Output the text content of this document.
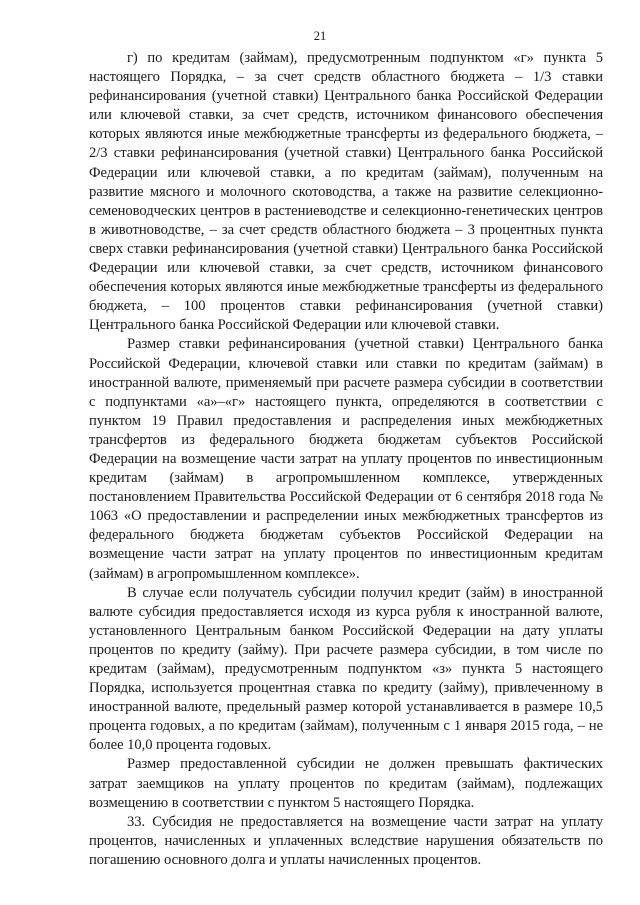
21

г) по кредитам (займам), предусмотренным подпунктом «г» пункта 5 настоящего Порядка, – за счет средств областного бюджета – 1/3 ставки рефинансирования (учетной ставки) Центрального банка Российской Федерации или ключевой ставки, за счет средств, источником финансового обеспечения которых являются иные межбюджетные трансферты из федерального бюджета, – 2/3 ставки рефинансирования (учетной ставки) Центрального банка Российской Федерации или ключевой ставки, а по кредитам (займам), полученным на развитие мясного и молочного скотоводства, а также на развитие селекционно-семеноводческих центров в растениеводстве и селекционно-генетических центров в животноводстве, – за счет средств областного бюджета – 3 процентных пункта сверх ставки рефинансирования (учетной ставки) Центрального банка Российской Федерации или ключевой ставки, за счет средств, источником финансового обеспечения которых являются иные межбюджетные трансферты из федерального бюджета, – 100 процентов ставки рефинансирования (учетной ставки) Центрального банка Российской Федерации или ключевой ставки.

Размер ставки рефинансирования (учетной ставки) Центрального банка Российской Федерации, ключевой ставки или ставки по кредитам (займам) в иностранной валюте, применяемый при расчете размера субсидии в соответствии с подпунктами «а»–«г» настоящего пункта, определяются в соответствии с пунктом 19 Правил предоставления и распределения иных межбюджетных трансфертов из федерального бюджета бюджетам субъектов Российской Федерации на возмещение части затрат на уплату процентов по инвестиционным кредитам (займам) в агропромышленном комплексе, утвержденных постановлением Правительства Российской Федерации от 6 сентября 2018 года № 1063 «О предоставлении и распределении иных межбюджетных трансфертов из федерального бюджета бюджетам субъектов Российской Федерации на возмещение части затрат на уплату процентов по инвестиционным кредитам (займам) в агропромышленном комплексе».

В случае если получатель субсидии получил кредит (займ) в иностранной валюте субсидия предоставляется исходя из курса рубля к иностранной валюте, установленного Центральным банком Российской Федерации на дату уплаты процентов по кредиту (займу). При расчете размера субсидии, в том числе по кредитам (займам), предусмотренным подпунктом «з» пункта 5 настоящего Порядка, используется процентная ставка по кредиту (займу), привлеченному в иностранной валюте, предельный размер которой устанавливается в размере 10,5 процента годовых, а по кредитам (займам), полученным с 1 января 2015 года, – не более 10,0 процента годовых.

Размер предоставленной субсидии не должен превышать фактических затрат заемщиков на уплату процентов по кредитам (займам), подлежащих возмещению в соответствии с пунктом 5 настоящего Порядка.

33. Субсидия не предоставляется на возмещение части затрат на уплату процентов, начисленных и уплаченных вследствие нарушения обязательств по погашению основного долга и уплаты начисленных процентов.
